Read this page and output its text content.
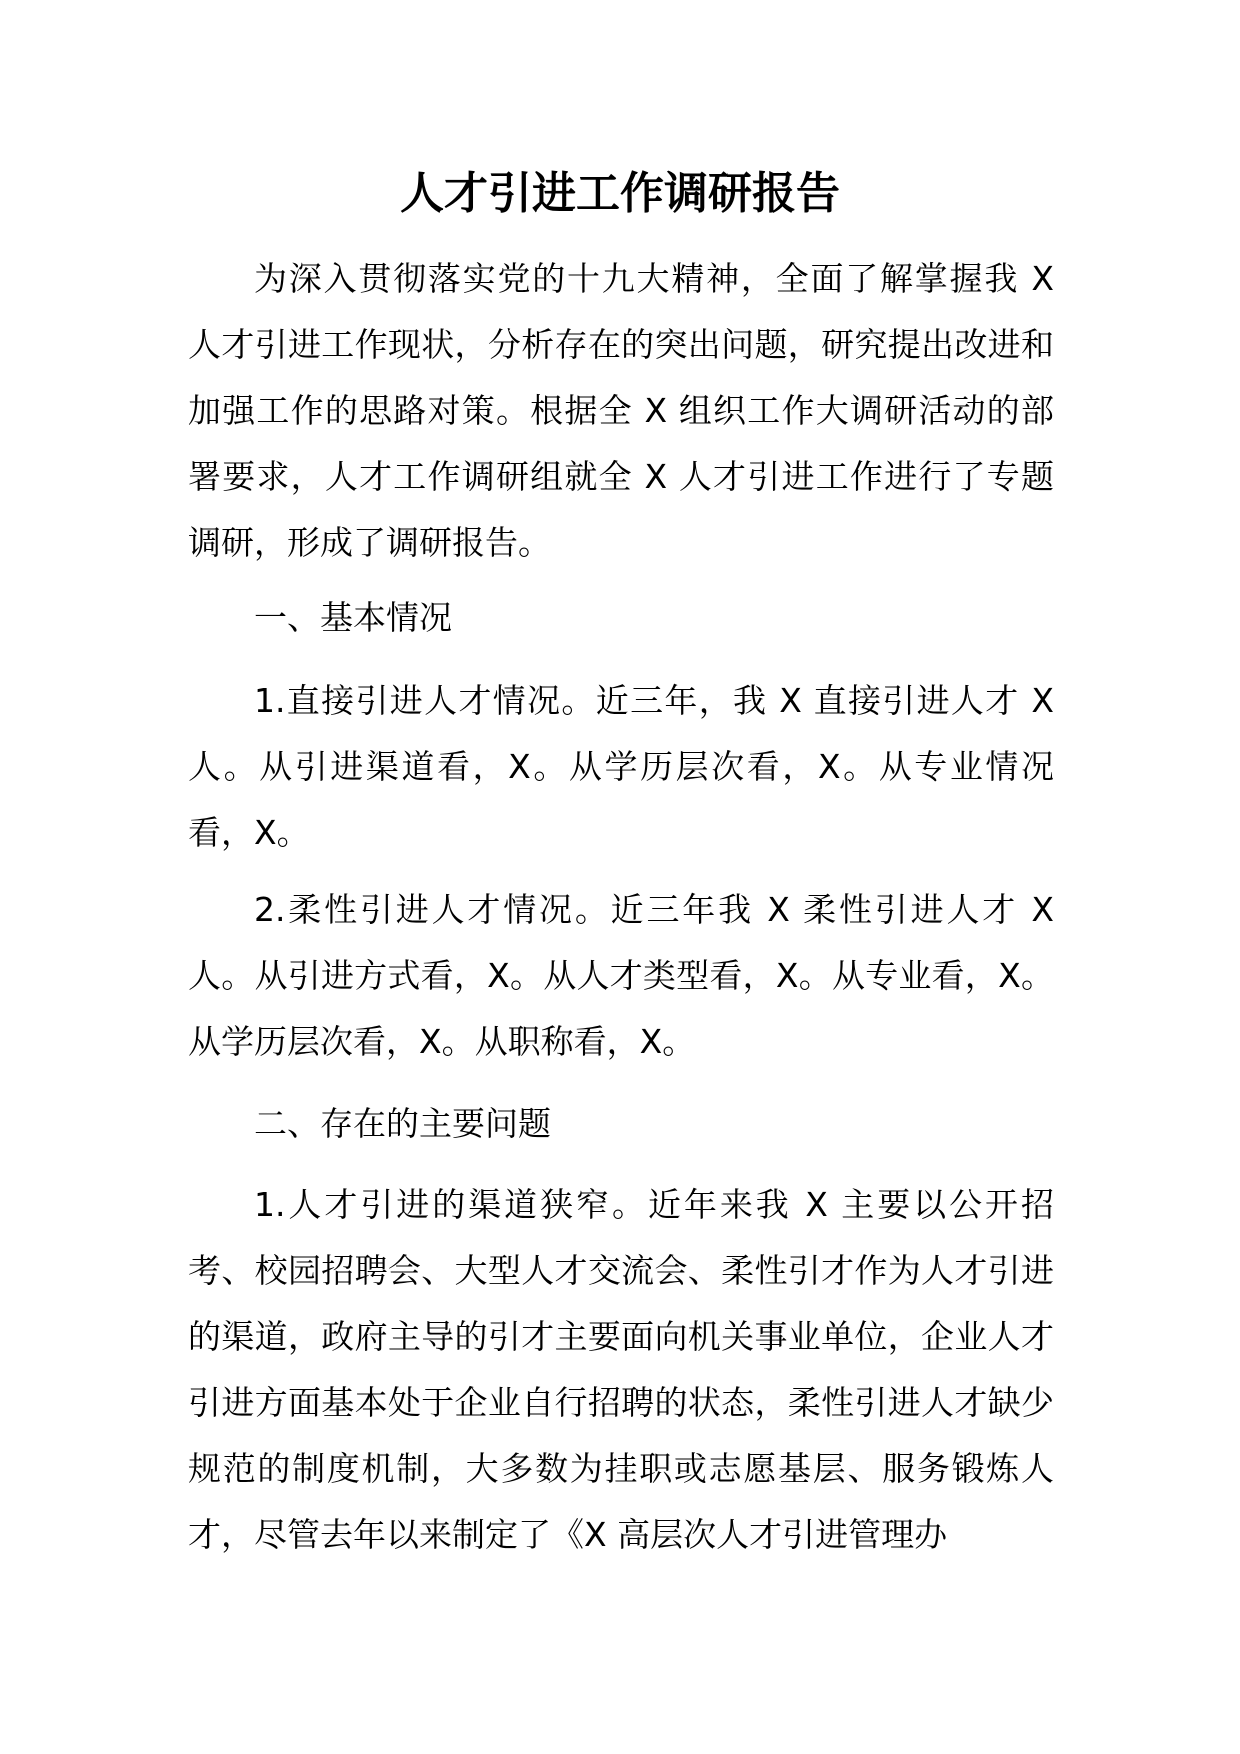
人才引进工作调研报告

为深入贯彻落实党的十九大精神，全面了解掌握我 X 人才引进工作现状，分析存在的突出问题，研究提出改进和加强工作的思路对策。根据全 X 组织工作大调研活动的部署要求，人才工作调研组就全 X 人才引进工作进行了专题调研，形成了调研报告。

一、基本情况

1.直接引进人才情况。近三年，我 X 直接引进人才 X 人。从引进渠道看，X。从学历层次看，X。从专业情况看，X。

2.柔性引进人才情况。近三年我 X 柔性引进人才 X 人。从引进方式看，X。从人才类型看，X。从专业看，X。从学历层次看，X。从职称看，X。

二、存在的主要问题

1.人才引进的渠道狭窄。近年来我 X 主要以公开招考、校园招聘会、大型人才交流会、柔性引才作为人才引进的渠道，政府主导的引才主要面向机关事业单位，企业人才引进方面基本处于企业自行招聘的状态，柔性引进人才缺少规范的制度机制，大多数为挂职或志愿基层、服务锻炼人才，尽管去年以来制定了《X 高层次人才引进管理办
